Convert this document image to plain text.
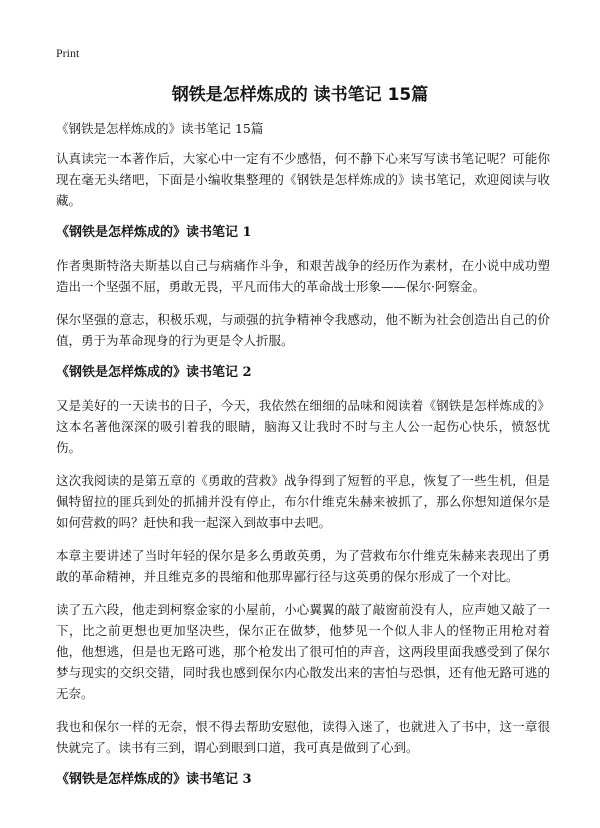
Print
钢铁是怎样炼成的 读书笔记 15篇
《钢铁是怎样炼成的》读书笔记 15篇

认真读完一本著作后，大家心中一定有不少感悟，何不静下心来写写读书笔记呢？可能你现在毫无头绪吧，下面是小编收集整理的《钢铁是怎样炼成的》读书笔记，欢迎阅读与收藏。

《钢铁是怎样炼成的》读书笔记 1

作者奥斯特洛夫斯基以自己与病痛作斗争，和艰苦战争的经历作为素材，在小说中成功塑造出一个坚强不屈，勇敢无畏，平凡而伟大的革命战士形象——保尔·阿察金。

保尔坚强的意志，积极乐观，与顽强的抗争精神令我感动，他不断为社会创造出自己的价值，勇于为革命现身的行为更是令人折服。

《钢铁是怎样炼成的》读书笔记 2

又是美好的一天读书的日子，今天，我依然在细细的品味和阅读着《钢铁是怎样炼成的》这本名著他深深的吸引着我的眼睛，脑海又让我时不时与主人公一起伤心快乐，愤怒忧伤。

这次我阅读的是第五章的《勇敢的营救》战争得到了短暂的平息，恢复了一些生机，但是佩特留拉的匪兵到处的抓捕并没有停止，布尔什维克朱赫来被抓了，那么你想知道保尔是如何营救的吗？赶快和我一起深入到故事中去吧。

本章主要讲述了当时年轻的保尔是多么勇敢英勇，为了营救布尔什维克朱赫来表现出了勇敢的革命精神，并且维克多的畏缩和他那卑鄙行径与这英勇的保尔形成了一个对比。

读了五六段，他走到柯察金家的小屋前，小心翼翼的敲了敲窗前没有人，应声她又敲了一下，比之前更想也更加坚决些，保尔正在做梦，他梦见一个似人非人的怪物正用枪对着他，他想逃，但是也无路可逃，那个枪发出了很可怕的声音，这两段里面我感受到了保尔梦与现实的交织交错，同时我也感到保尔内心散发出来的害怕与恐惧，还有他无路可逃的无奈。

我也和保尔一样的无奈，恨不得去帮助安慰他，读得入迷了，也就进入了书中，这一章很快就完了。读书有三到，谓心到眼到口道，我可真是做到了心到。

《钢铁是怎样炼成的》读书笔记 3
